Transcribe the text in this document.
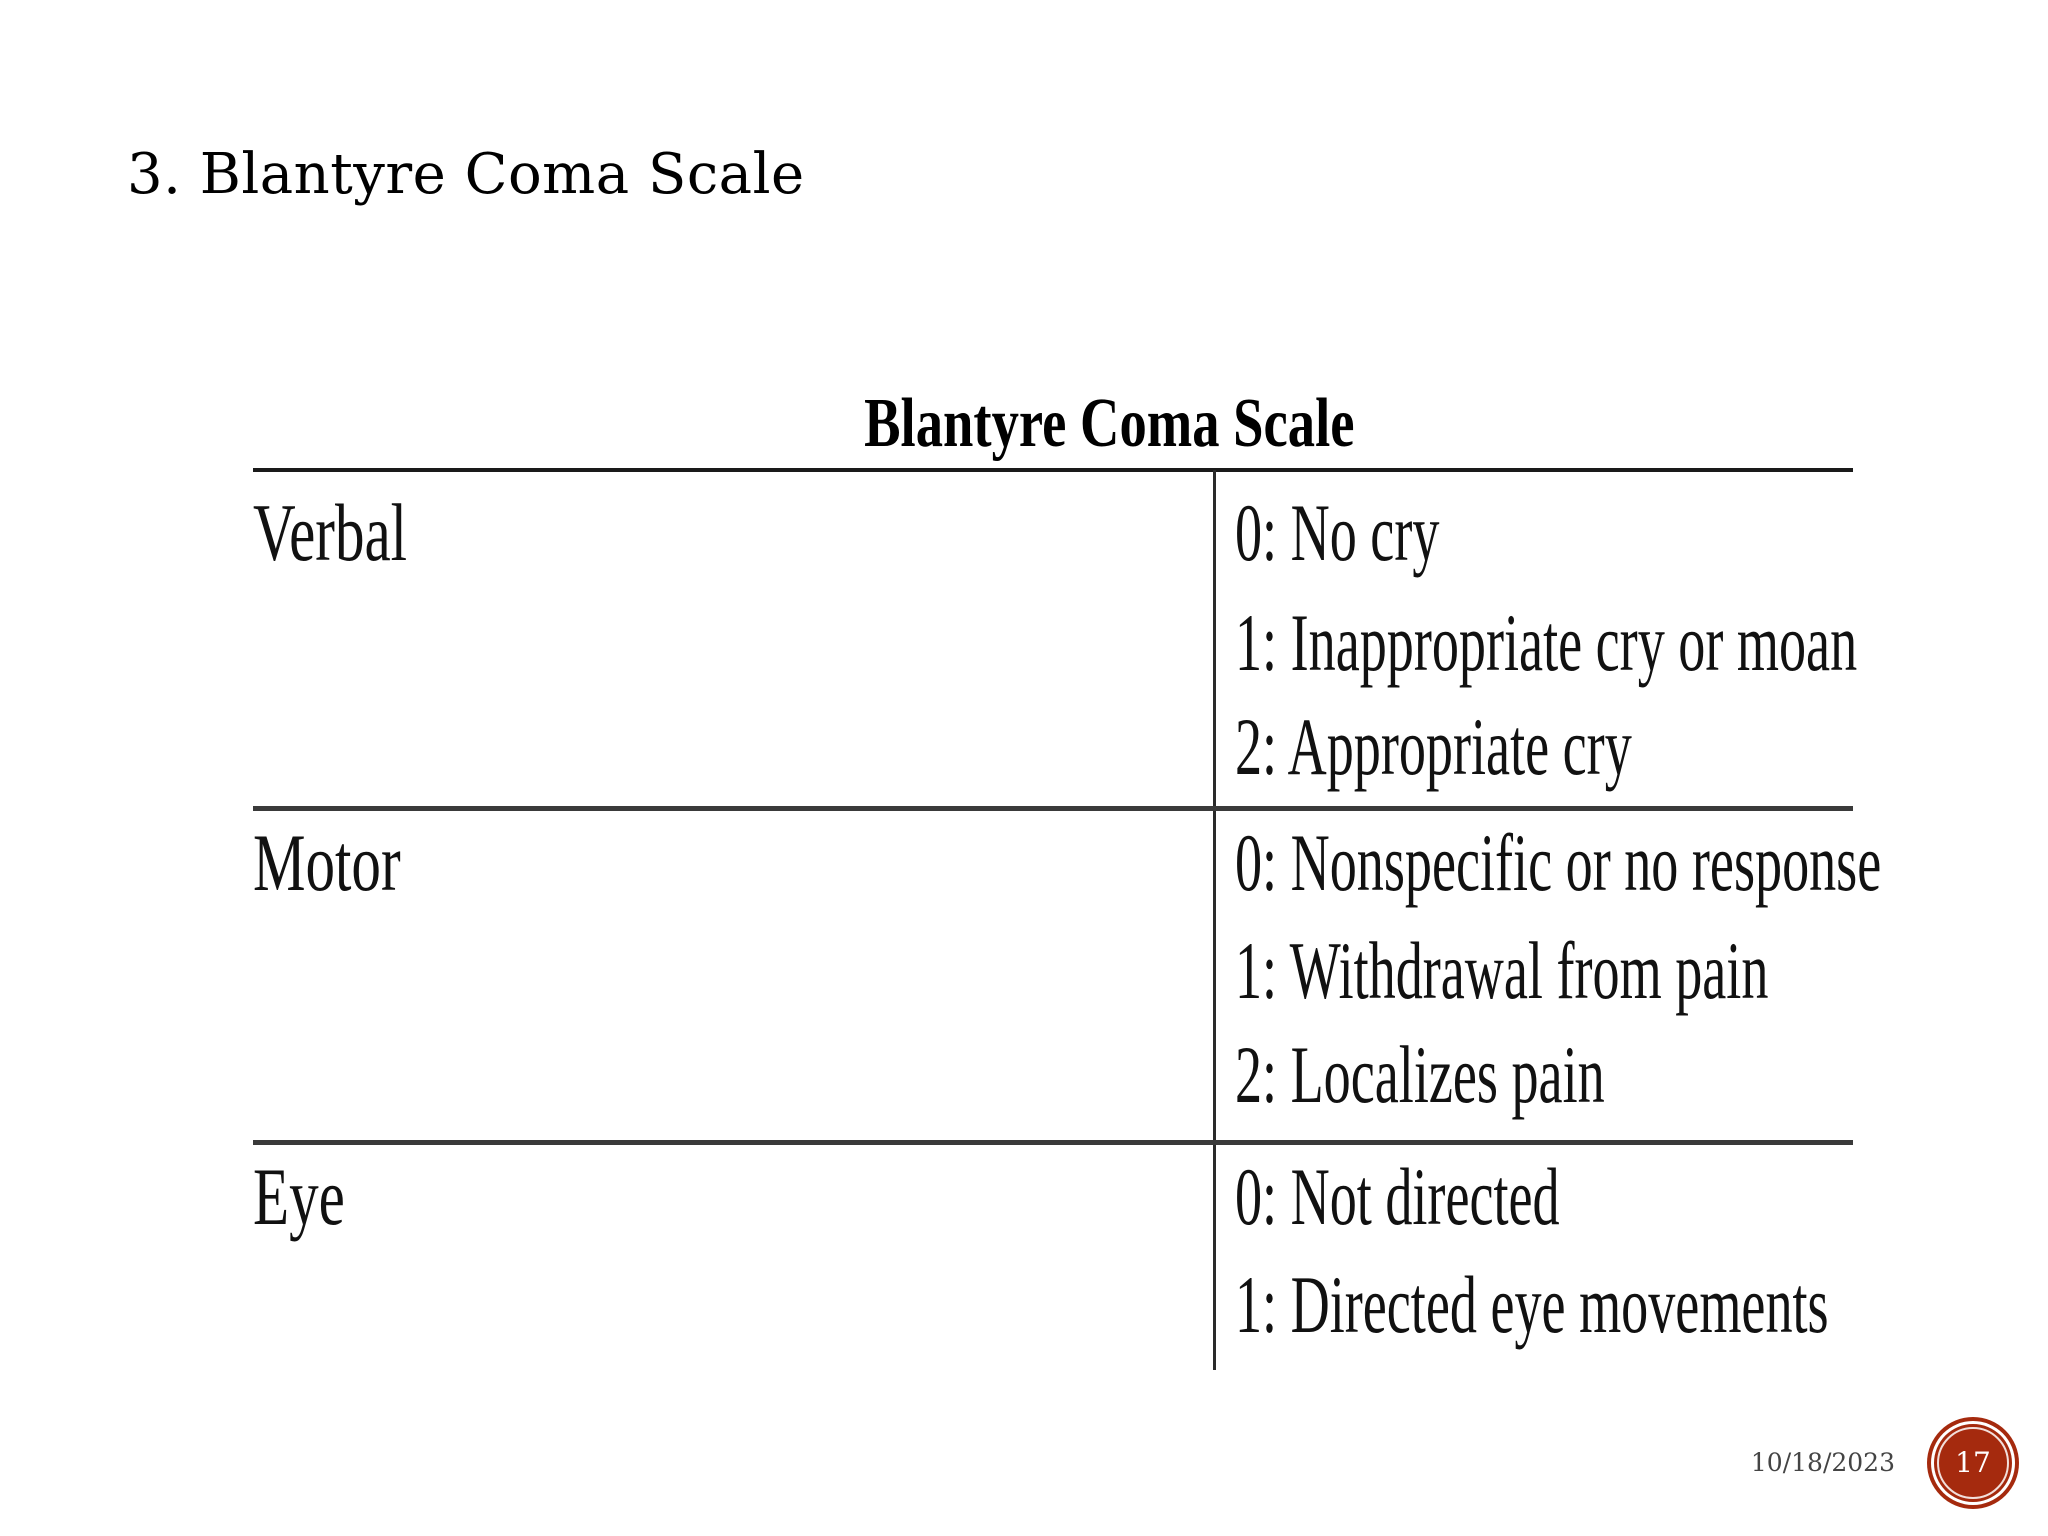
3. Blantyre Coma Scale
Blantyre Coma Scale
Verbal	0: No cry
1: Inappropriate cry or moan
2: Appropriate cry
Motor	0: Nonspecific or no response
1: Withdrawal from pain
2: Localizes pain
Eye	0: Not directed
1: Directed eye movements
10/18/2023	17
